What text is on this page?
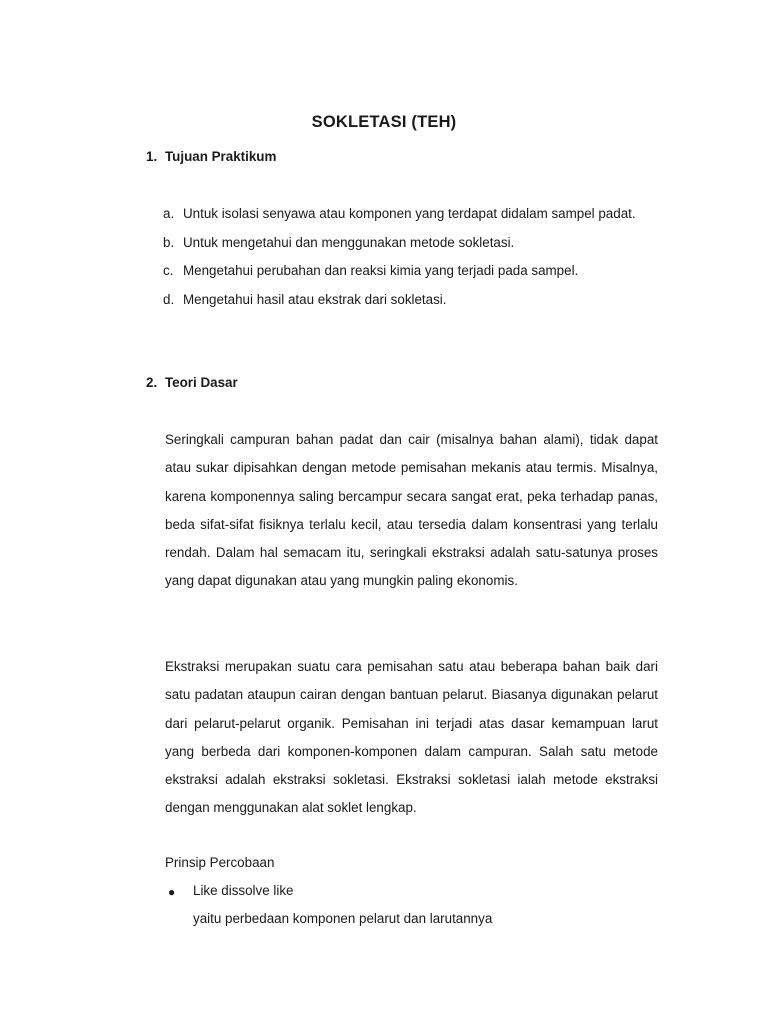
SOKLETASI (TEH)
1. Tujuan Praktikum
a. Untuk isolasi senyawa atau komponen yang terdapat didalam sampel padat.
b. Untuk mengetahui dan menggunakan metode sokletasi.
c. Mengetahui perubahan dan reaksi kimia yang terjadi pada sampel.
d. Mengetahui hasil atau ekstrak dari sokletasi.
2. Teori Dasar

Seringkali campuran bahan padat dan cair (misalnya bahan alami), tidak dapat atau sukar dipisahkan dengan metode pemisahan mekanis atau termis. Misalnya, karena komponennya saling bercampur secara sangat erat, peka terhadap panas, beda sifat-sifat fisiknya terlalu kecil, atau tersedia dalam konsentrasi yang terlalu rendah. Dalam hal semacam itu, seringkali ekstraksi adalah satu-satunya proses yang dapat digunakan atau yang mungkin paling ekonomis.

Ekstraksi merupakan suatu cara pemisahan satu atau beberapa bahan baik dari satu padatan ataupun cairan dengan bantuan pelarut. Biasanya digunakan pelarut dari pelarut-pelarut organik. Pemisahan ini terjadi atas dasar kemampuan larut yang berbeda dari komponen-komponen dalam campuran. Salah satu metode ekstraksi adalah ekstraksi sokletasi. Ekstraksi sokletasi ialah metode ekstraksi dengan menggunakan alat soklet lengkap.

Prinsip Percobaan
● Like dissolve like
yaitu perbedaan komponen pelarut dan larutannya
